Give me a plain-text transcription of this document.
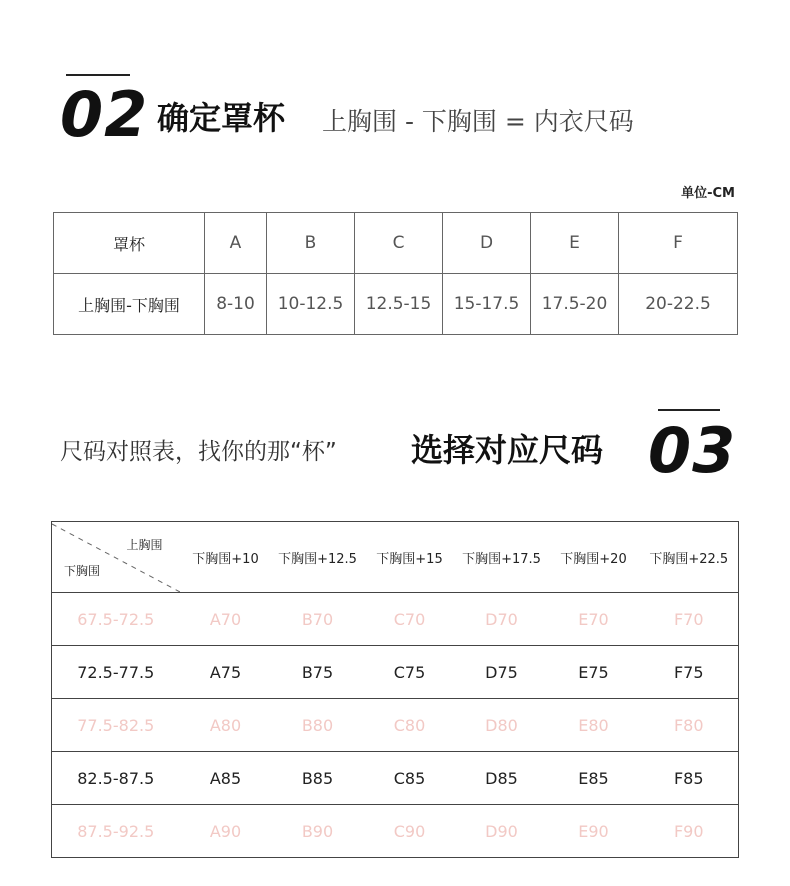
02 确定罩杯 上胸围 - 下胸围 = 内衣尺码
单位-CM
罩杯	A	B	C	D	E	F
上胸围-下胸围	8-10	10-12.5	12.5-15	15-17.5	17.5-20	20-22.5
尺码对照表，找你的那“杯” 选择对应尺码 03
上胸围
下胸围	下胸围+10	下胸围+12.5	下胸围+15	下胸围+17.5	下胸围+20	下胸围+22.5
67.5-72.5	A70	B70	C70	D70	E70	F70
72.5-77.5	A75	B75	C75	D75	E75	F75
77.5-82.5	A80	B80	C80	D80	E80	F80
82.5-87.5	A85	B85	C85	D85	E85	F85
87.5-92.5	A90	B90	C90	D90	E90	F90
